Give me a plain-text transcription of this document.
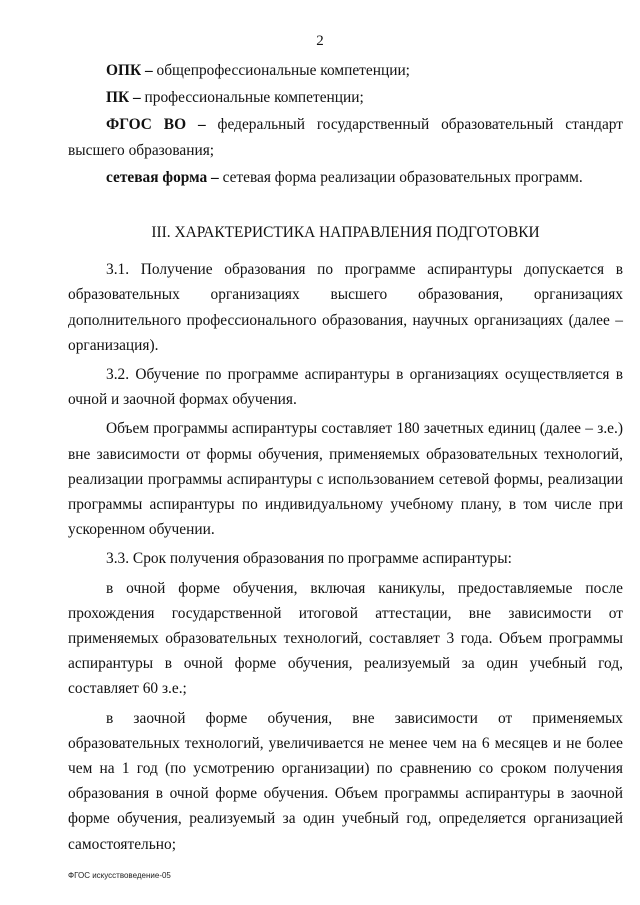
2

ОПК – общепрофессиональные компетенции;

ПК – профессиональные компетенции;

ФГОС ВО – федеральный государственный образовательный стандарт высшего образования;

сетевая форма – сетевая форма реализации образовательных программ.

III. ХАРАКТЕРИСТИКА НАПРАВЛЕНИЯ ПОДГОТОВКИ

3.1. Получение образования по программе аспирантуры допускается в образовательных организациях высшего образования, организациях дополнительного профессионального образования, научных организациях (далее – организация).

3.2. Обучение по программе аспирантуры в организациях осуществляется в очной и заочной формах обучения.

Объем программы аспирантуры составляет 180 зачетных единиц (далее – з.е.) вне зависимости от формы обучения, применяемых образовательных технологий, реализации программы аспирантуры с использованием сетевой формы, реализации программы аспирантуры по индивидуальному учебному плану, в том числе при ускоренном обучении.

3.3. Срок получения образования по программе аспирантуры:

в очной форме обучения, включая каникулы, предоставляемые после прохождения государственной итоговой аттестации, вне зависимости от применяемых образовательных технологий, составляет 3 года. Объем программы аспирантуры в очной форме обучения, реализуемый за один учебный год, составляет 60 з.е.;

в заочной форме обучения, вне зависимости от применяемых образовательных технологий, увеличивается не менее чем на 6 месяцев и не более чем на 1 год (по усмотрению организации) по сравнению со сроком получения образования в очной форме обучения. Объем программы аспирантуры в заочной форме обучения, реализуемый за один учебный год, определяется организацией самостоятельно;

ФГОС искусствоведение-05
